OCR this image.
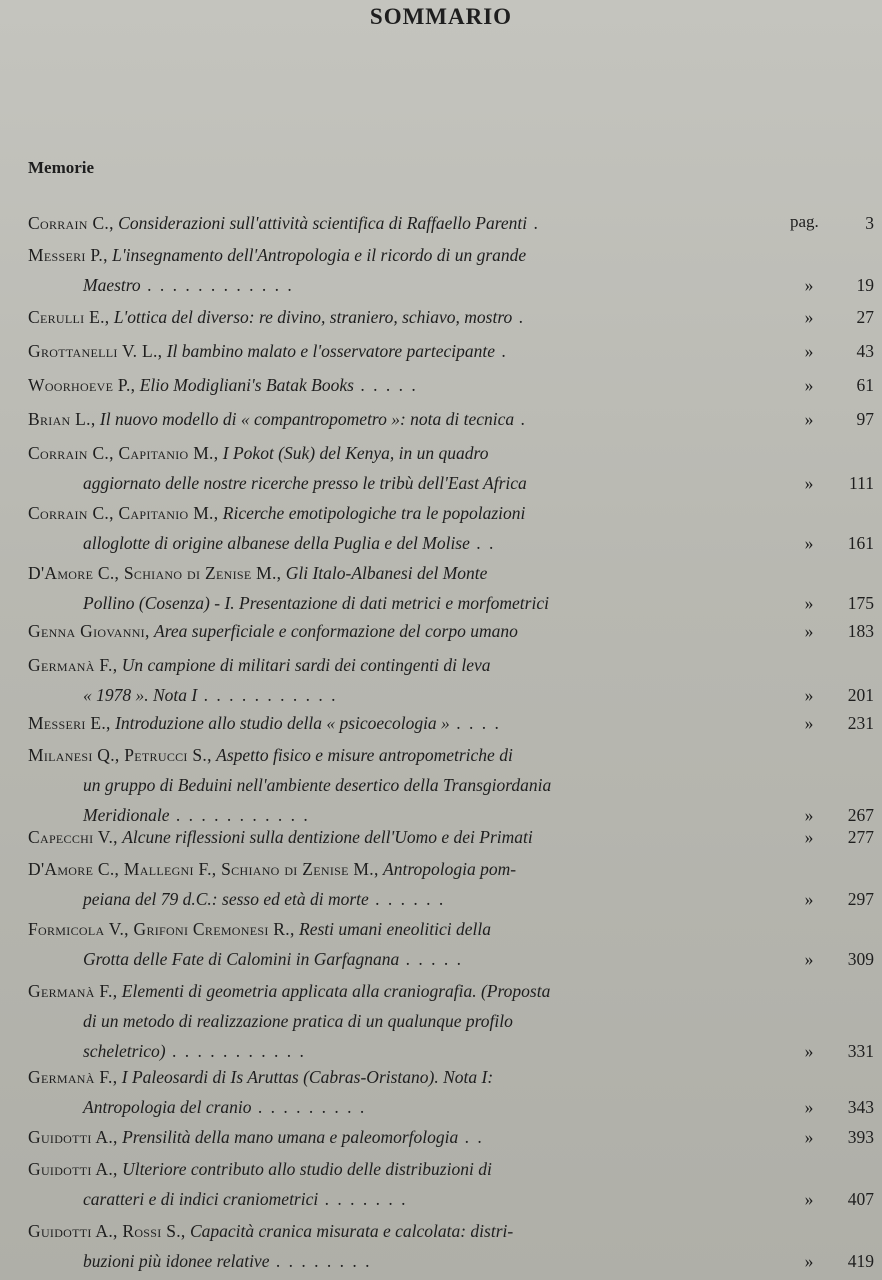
SOMMARIO
Memorie
pag.
Corrain C., Considerazioni sull'attività scientifica di Raffaello Parenti .	3
Messeri P., L'insegnamento dell'Antropologia e il ricordo di un grande
Maestro . . . . . . . . . . . .	»	19
Cerulli E., L'ottica del diverso: re divino, straniero, schiavo, mostro .	»	27
Grottanelli V. L., Il bambino malato e l'osservatore partecipante .	»	43
Woorhoeve P., Elio Modigliani's Batak Books . . . . .	»	61
Brian L., Il nuovo modello di « compantropometro »: nota di tecnica .	»	97
Corrain C., Capitanio M., I Pokot (Suk) del Kenya, in un quadro
aggiornato delle nostre ricerche presso le tribù dell'East Africa	»	111
Corrain C., Capitanio M., Ricerche emotipologiche tra le popolazioni
alloglotte di origine albanese della Puglia e del Molise . .	»	161
D'Amore C., Schiano di Zenise M., Gli Italo-Albanesi del Monte
Pollino (Cosenza) - I. Presentazione di dati metrici e morfometrici	»	175
Genna Giovanni, Area superficiale e conformazione del corpo umano	»	183
Germanà F., Un campione di militari sardi dei contingenti di leva
« 1978 ». Nota I . . . . . . . . . . .	»	201
Messeri E., Introduzione allo studio della « psicoecologia » . . . .	»	231
Milanesi Q., Petrucci S., Aspetto fisico e misure antropometriche di
un gruppo di Beduini nell'ambiente desertico della Transgiordania
Meridionale . . . . . . . . . . .	»	267
Capecchi V., Alcune riflessioni sulla dentizione dell'Uomo e dei Primati	»	277
D'Amore C., Mallegni F., Schiano di Zenise M., Antropologia pom-
peiana del 79 d.C.: sesso ed età di morte . . . . . .	»	297
Formicola V., Grifoni Cremonesi R., Resti umani eneolitici della
Grotta delle Fate di Calomini in Garfagnana . . . . .	»	309
Germanà F., Elementi di geometria applicata alla craniografia. (Proposta
di un metodo di realizzazione pratica di un qualunque profilo
scheletrico) . . . . . . . . . . .	»	331
Germanà F., I Paleosardi di Is Aruttas (Cabras-Oristano). Nota I:
Antropologia del cranio . . . . . . . . .	»	343
Guidotti A., Prensilità della mano umana e paleomorfologia . .	»	393
Guidotti A., Ulteriore contributo allo studio delle distribuzioni di
caratteri e di indici craniometrici . . . . . . .	»	407
Guidotti A., Rossi S., Capacità cranica misurata e calcolata: distri-
buzioni più idonee relative . . . . . . . .	»	419
